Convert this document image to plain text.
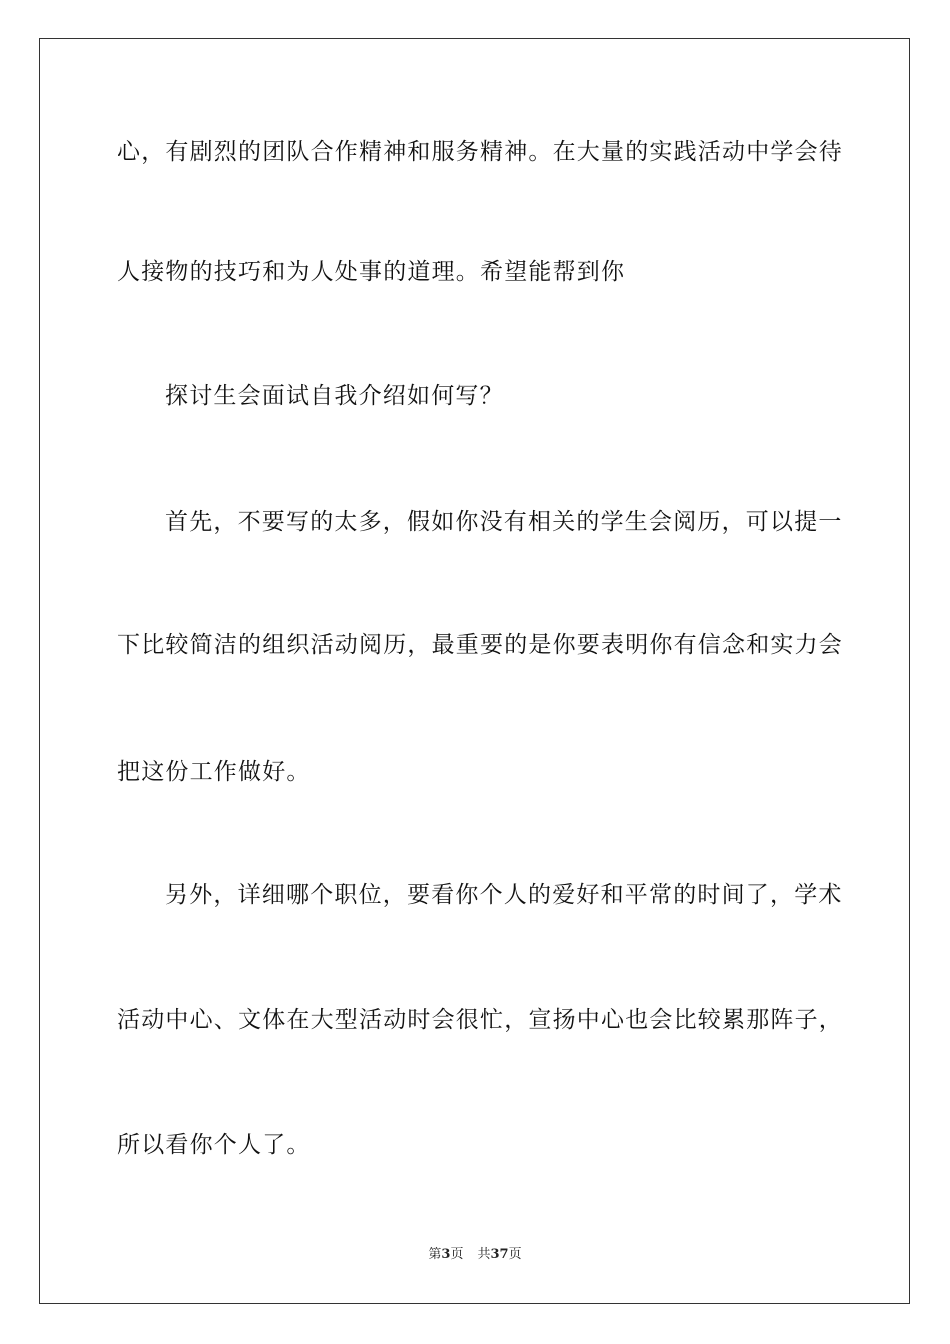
心，有剧烈的团队合作精神和服务精神。在大量的实践活动中学会待
人接物的技巧和为人处事的道理。希望能帮到你
探讨生会面试自我介绍如何写？
首先，不要写的太多，假如你没有相关的学生会阅历，可以提一
下比较简洁的组织活动阅历，最重要的是你要表明你有信念和实力会
把这份工作做好。
另外，详细哪个职位，要看你个人的爱好和平常的时间了，学术
活动中心、文体在大型活动时会很忙，宣扬中心也会比较累那阵子，
所以看你个人了。
第3页 共37页
